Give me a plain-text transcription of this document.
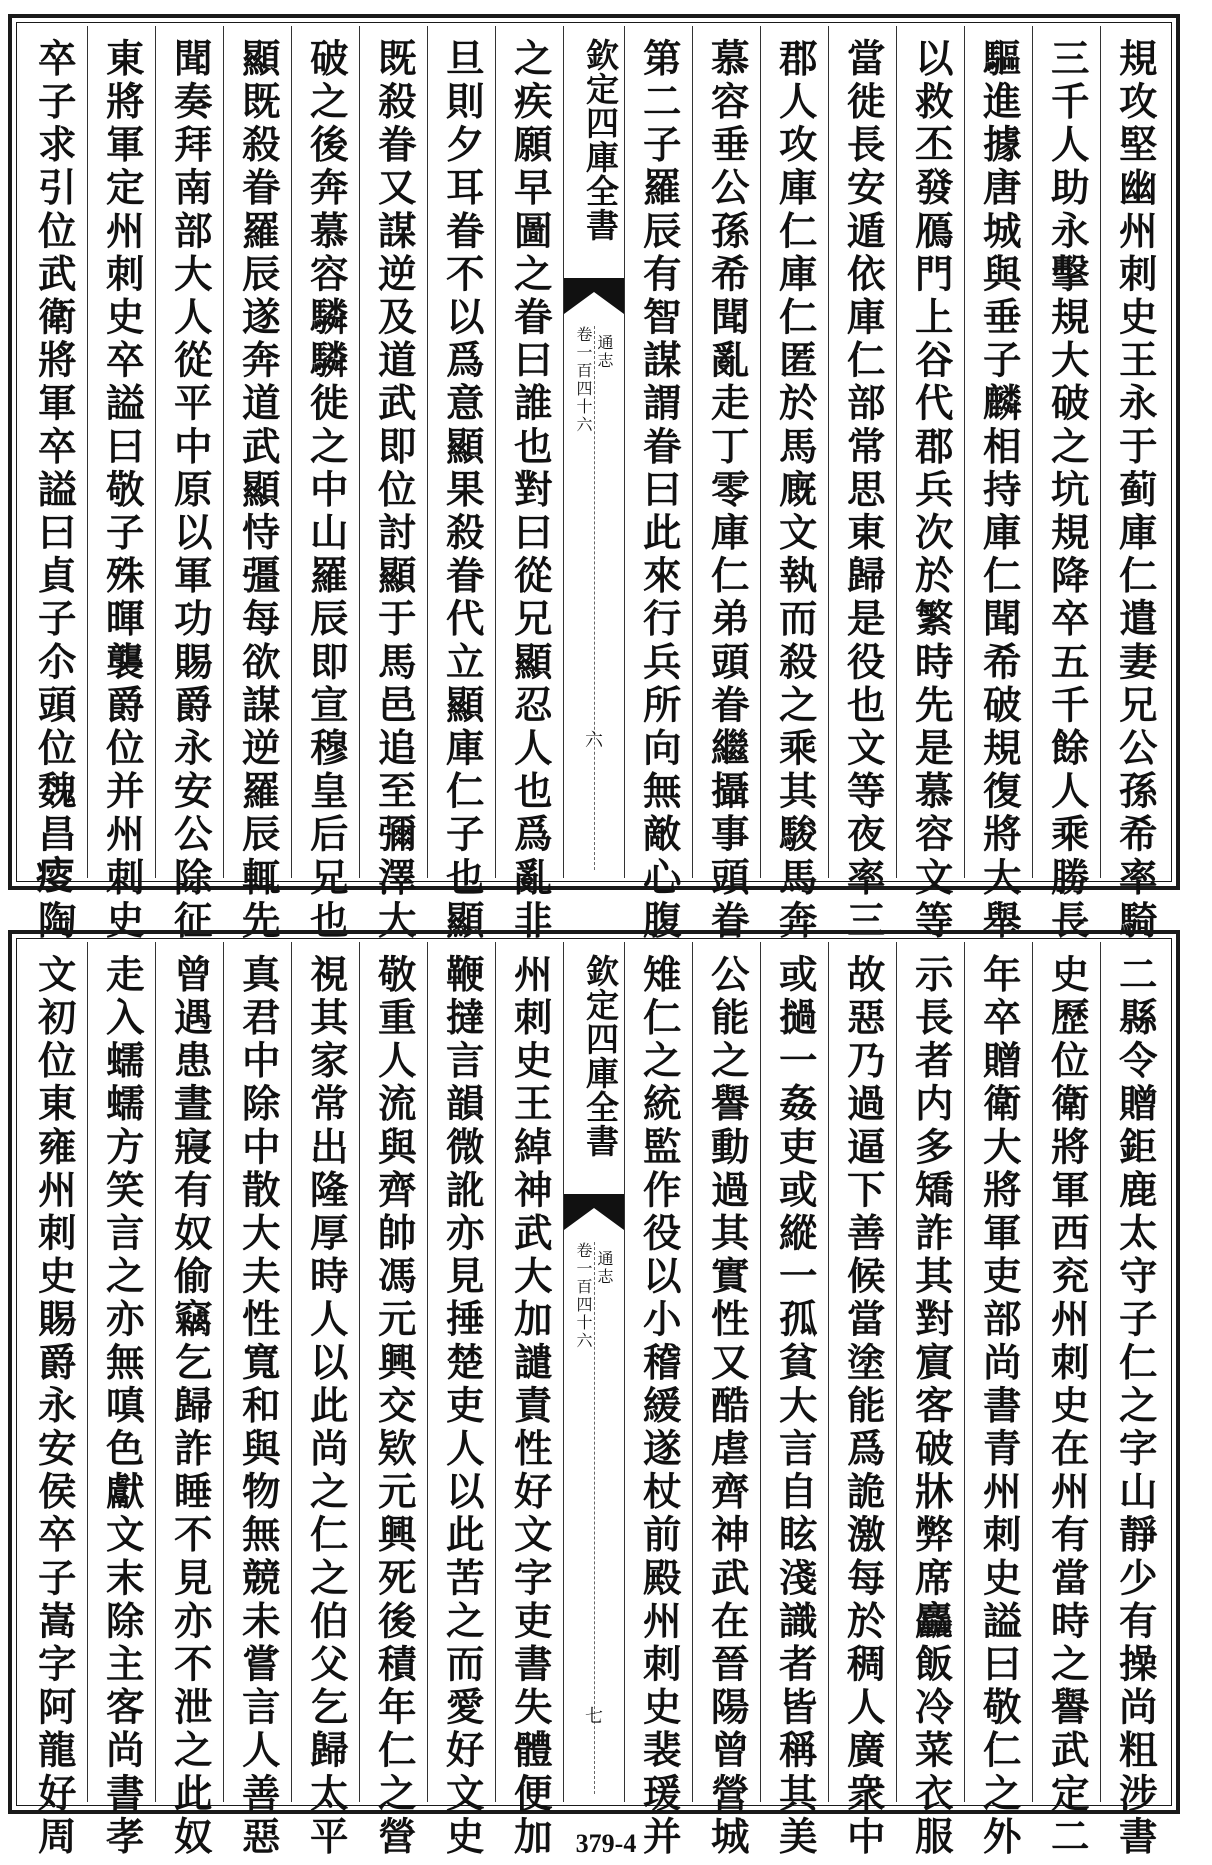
規攻堅幽州刺史王永于蓟庫仁遣妻兄公孫希率騎
三千人助永擊規大破之坑規降卒五千餘人乘勝長
驅進據唐城與垂子麟相持庫仁聞希破規復將大舉
以救丕發鴈門上谷代郡兵次於繁時先是慕容文等
當徙長安遁依庫仁部常思東歸是役也文等夜率三
郡人攻庫仁庫仁匿於馬廐文執而殺之乘其駿馬奔
慕容垂公孫希聞亂走丁零庫仁弟頭眷繼攝事頭眷
第二子羅辰有智謀謂眷曰此來行兵所向無敵心腹
欽定四庫全書
通志
卷一百四十六
六
之疾願早圖之眷曰誰也對曰從兄顯忍人也爲亂非
旦則夕耳眷不以爲意顯果殺眷代立顯庫仁子也顯
既殺眷又謀逆及道武即位討顯于馬邑追至彌澤大
破之後奔慕容驎驎徙之中山羅辰即宣穆皇后兄也
顯既殺眷羅辰遂奔道武顯恃彊每欲謀逆羅辰輒先
聞奏拜南部大人從平中原以軍功賜爵永安公除征
東將軍定州刺史卒謚曰敬子殊暉襲爵位并州刺史
卒子求引位武衛將軍卒謚曰貞子尒頭位魏昌𤸃陶
二縣令贈鉅鹿太守子仁之字山靜少有操尚粗涉書
史歷位衛將軍西兖州刺史在州有當時之譽武定二
年卒贈衛大將軍吏部尚書青州刺史謚曰敬仁之外
示長者内多矯詐其對賔客破牀弊席麤飯冷菜衣服
故惡乃過逼下善候當塗能爲詭激每於稠人廣衆中
或撾一姦吏或縱一孤貧大言自眩淺識者皆稱其美
公能之譽動過其實性又酷虐齊神武在晉陽曾營城
雉仁之統監作役以小稽緩遂杖前殿州刺史裴瑗并
欽定四庫全書
通志
卷一百四十六
七
州刺史王綽神武大加譴責性好文字吏書失體便加
鞭撻言韻微訛亦見捶楚吏人以此苦之而愛好文史
敬重人流與齊帥馮元興交欵元興死後積年仁之營
視其家常出隆厚時人以此尚之仁之伯父乞歸太平
真君中除中散大夫性寬和與物無競未嘗言人善惡
曾遇患晝寢有奴偷竊乞歸詐睡不見亦不泄之此奴
走入蠕蠕方笑言之亦無嗔色獻文末除主客尚書孝
文初位東雍州刺史賜爵永安侯卒子嵩字阿龍好周	379-4
